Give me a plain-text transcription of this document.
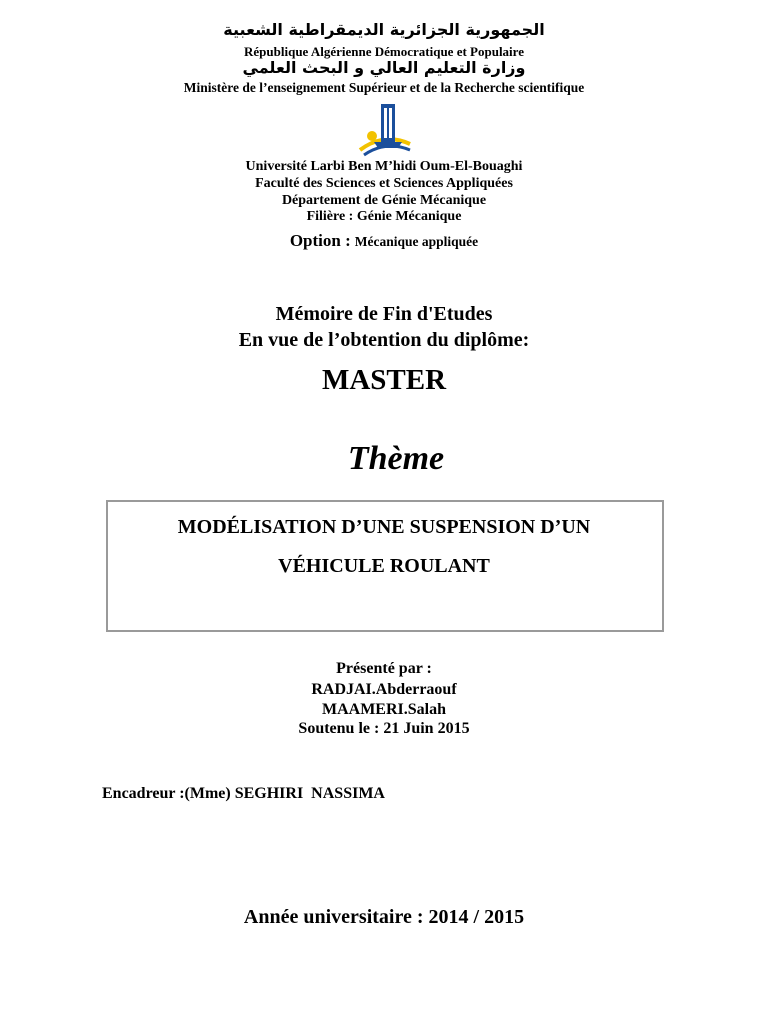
الجمهورية الجزائرية الديمقراطية الشعبية
République Algérienne Démocratique et Populaire
وزارة التعليم العالي و البحث العلمي
Ministère de l’enseignement Supérieur et de la Recherche scientifique
Université Larbi Ben M’hidi Oum-El-Bouaghi
Faculté des Sciences et Sciences Appliquées
Département de Génie Mécanique
Filière : Génie Mécanique
Option : Mécanique appliquée
Mémoire de Fin d'Etudes
En vue de l’obtention du diplôme:
MASTER
Thème
MODÉLISATION D’UNE SUSPENSION D’UN
VÉHICULE ROULANT
Présenté par :
RADJAI.Abderraouf
MAAMERI.Salah
Soutenu le : 21 Juin 2015
Encadreur :(Mme) SEGHIRI  NASSIMA
Année universitaire : 2014 / 2015
